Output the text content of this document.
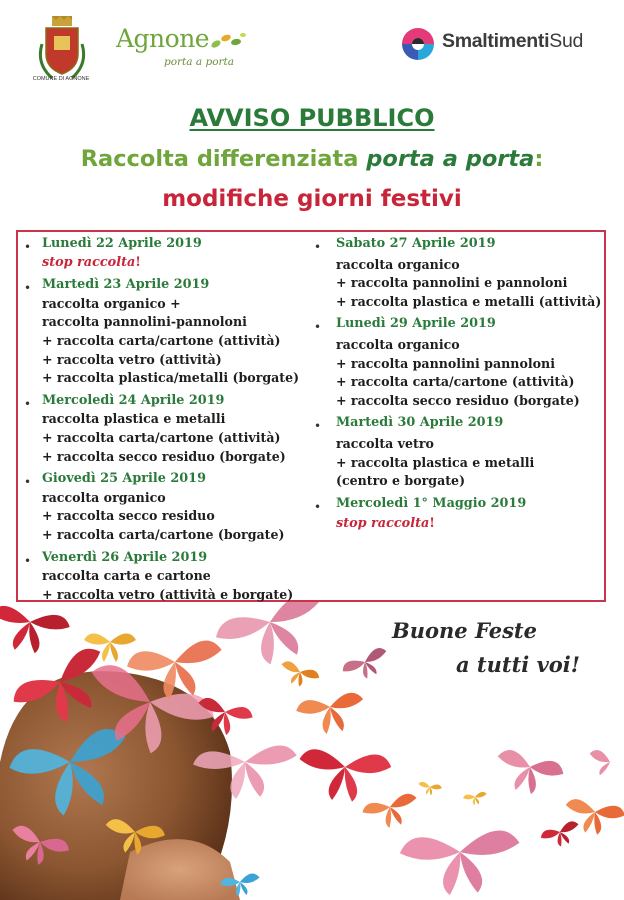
COMUNE DI AGNONE
Agnone
porta a porta
SmaltimentiSud
AVVISO PUBBLICO
Raccolta differenziata porta a porta:
modifiche giorni festivi
• Lunedì 22 Aprile 2019
stop raccolta!
• Martedì 23 Aprile 2019
raccolta organico +
raccolta pannolini-pannoloni
+ raccolta carta/cartone (attività)
+ raccolta vetro (attività)
+ raccolta plastica/metalli (borgate)
• Mercoledì 24 Aprile 2019
raccolta plastica e metalli
+ raccolta carta/cartone (attività)
+ raccolta secco residuo (borgate)
• Giovedì 25 Aprile 2019
raccolta organico
+ raccolta secco residuo
+ raccolta carta/cartone (borgate)
• Venerdì 26 Aprile 2019
raccolta carta e cartone
+ raccolta vetro (attività e borgate)
• Sabato 27 Aprile 2019
raccolta organico
+ raccolta pannolini e pannoloni
+ raccolta plastica e metalli (attività)
• Lunedì 29 Aprile 2019
raccolta organico
+ raccolta pannolini pannoloni
+ raccolta carta/cartone (attività)
+ raccolta secco residuo (borgate)
• Martedì 30 Aprile 2019
raccolta vetro
+ raccolta plastica e metalli
(centro e borgate)
• Mercoledì 1° Maggio 2019
stop raccolta!
Buone Feste
a tutti voi!
